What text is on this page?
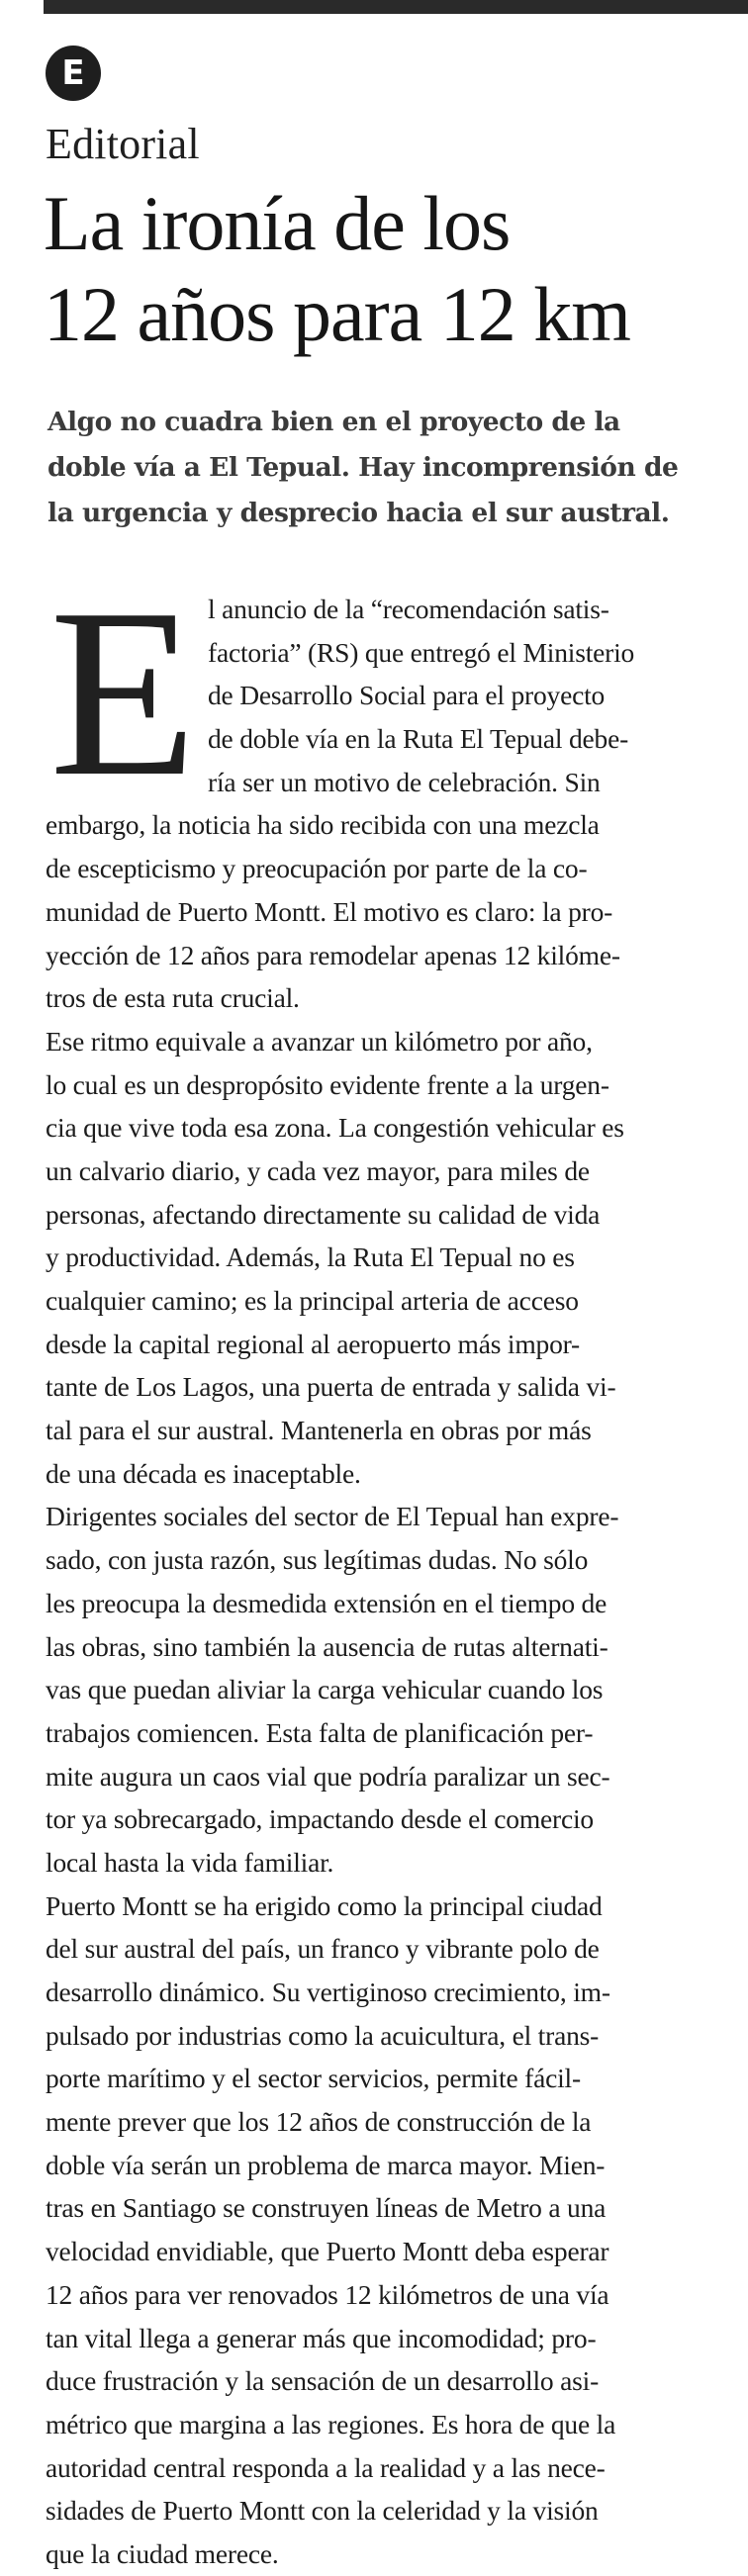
E
Editorial
La ironía de los
12 años para 12 km
Algo no cuadra bien en el proyecto de la
doble vía a El Tepual. Hay incomprensión de
la urgencia y desprecio hacia el sur austral.
E l anuncio de la “recomendación satis-
factoria” (RS) que entregó el Ministerio
de Desarrollo Social para el proyecto
de doble vía en la Ruta El Tepual debe-
ría ser un motivo de celebración. Sin
embargo, la noticia ha sido recibida con una mezcla
de escepticismo y preocupación por parte de la co-
munidad de Puerto Montt. El motivo es claro: la pro-
yección de 12 años para remodelar apenas 12 kilóme-
tros de esta ruta crucial.
Ese ritmo equivale a avanzar un kilómetro por año,
lo cual es un despropósito evidente frente a la urgen-
cia que vive toda esa zona. La congestión vehicular es
un calvario diario, y cada vez mayor, para miles de
personas, afectando directamente su calidad de vida
y productividad. Además, la Ruta El Tepual no es
cualquier camino; es la principal arteria de acceso
desde la capital regional al aeropuerto más impor-
tante de Los Lagos, una puerta de entrada y salida vi-
tal para el sur austral. Mantenerla en obras por más
de una década es inaceptable.
Dirigentes sociales del sector de El Tepual han expre-
sado, con justa razón, sus legítimas dudas. No sólo
les preocupa la desmedida extensión en el tiempo de
las obras, sino también la ausencia de rutas alternati-
vas que puedan aliviar la carga vehicular cuando los
trabajos comiencen. Esta falta de planificación per-
mite augura un caos vial que podría paralizar un sec-
tor ya sobrecargado, impactando desde el comercio
local hasta la vida familiar.
Puerto Montt se ha erigido como la principal ciudad
del sur austral del país, un franco y vibrante polo de
desarrollo dinámico. Su vertiginoso crecimiento, im-
pulsado por industrias como la acuicultura, el trans-
porte marítimo y el sector servicios, permite fácil-
mente prever que los 12 años de construcción de la
doble vía serán un problema de marca mayor. Mien-
tras en Santiago se construyen líneas de Metro a una
velocidad envidiable, que Puerto Montt deba esperar
12 años para ver renovados 12 kilómetros de una vía
tan vital llega a generar más que incomodidad; pro-
duce frustración y la sensación de un desarrollo asi-
métrico que margina a las regiones. Es hora de que la
autoridad central responda a la realidad y a las nece-
sidades de Puerto Montt con la celeridad y la visión
que la ciudad merece.
